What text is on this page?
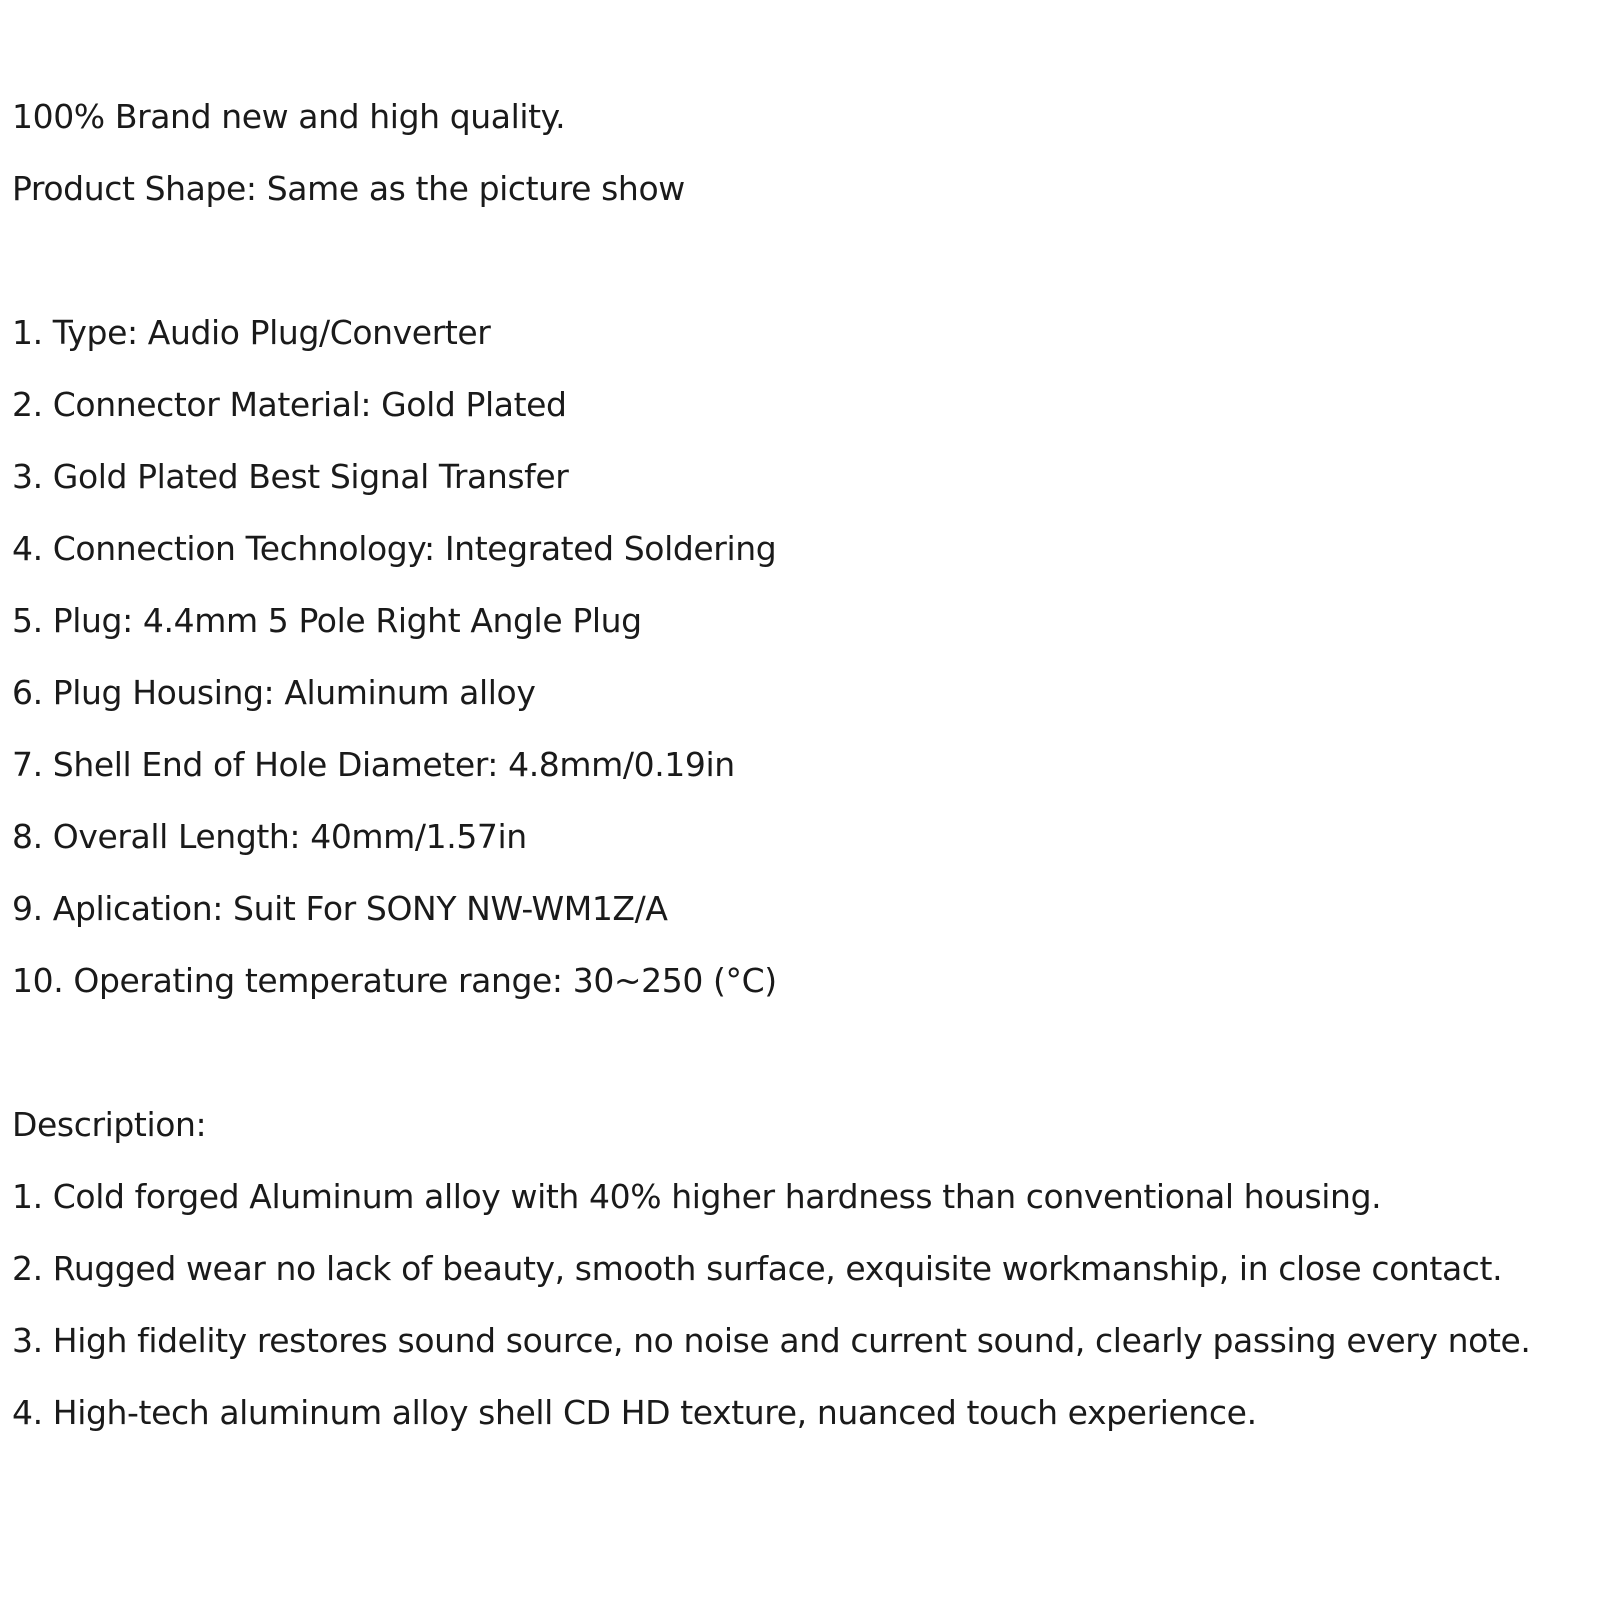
100% Brand new and high quality.
Product Shape: Same as the picture show
1. Type: Audio Plug/Converter
2. Connector Material: Gold Plated
3. Gold Plated Best Signal Transfer
4. Connection Technology: Integrated Soldering
5. Plug: 4.4mm 5 Pole Right Angle Plug
6. Plug Housing: Aluminum alloy
7. Shell End of Hole Diameter: 4.8mm/0.19in
8. Overall Length: 40mm/1.57in
9. Aplication: Suit For SONY NW-WM1Z/A
10. Operating temperature range: 30~250 (°C)
Description:
1. Cold forged Aluminum alloy with 40% higher hardness than conventional housing.
2. Rugged wear no lack of beauty, smooth surface, exquisite workmanship, in close contact.
3. High fidelity restores sound source, no noise and current sound, clearly passing every note.
4. High-tech aluminum alloy shell CD HD texture, nuanced touch experience.
